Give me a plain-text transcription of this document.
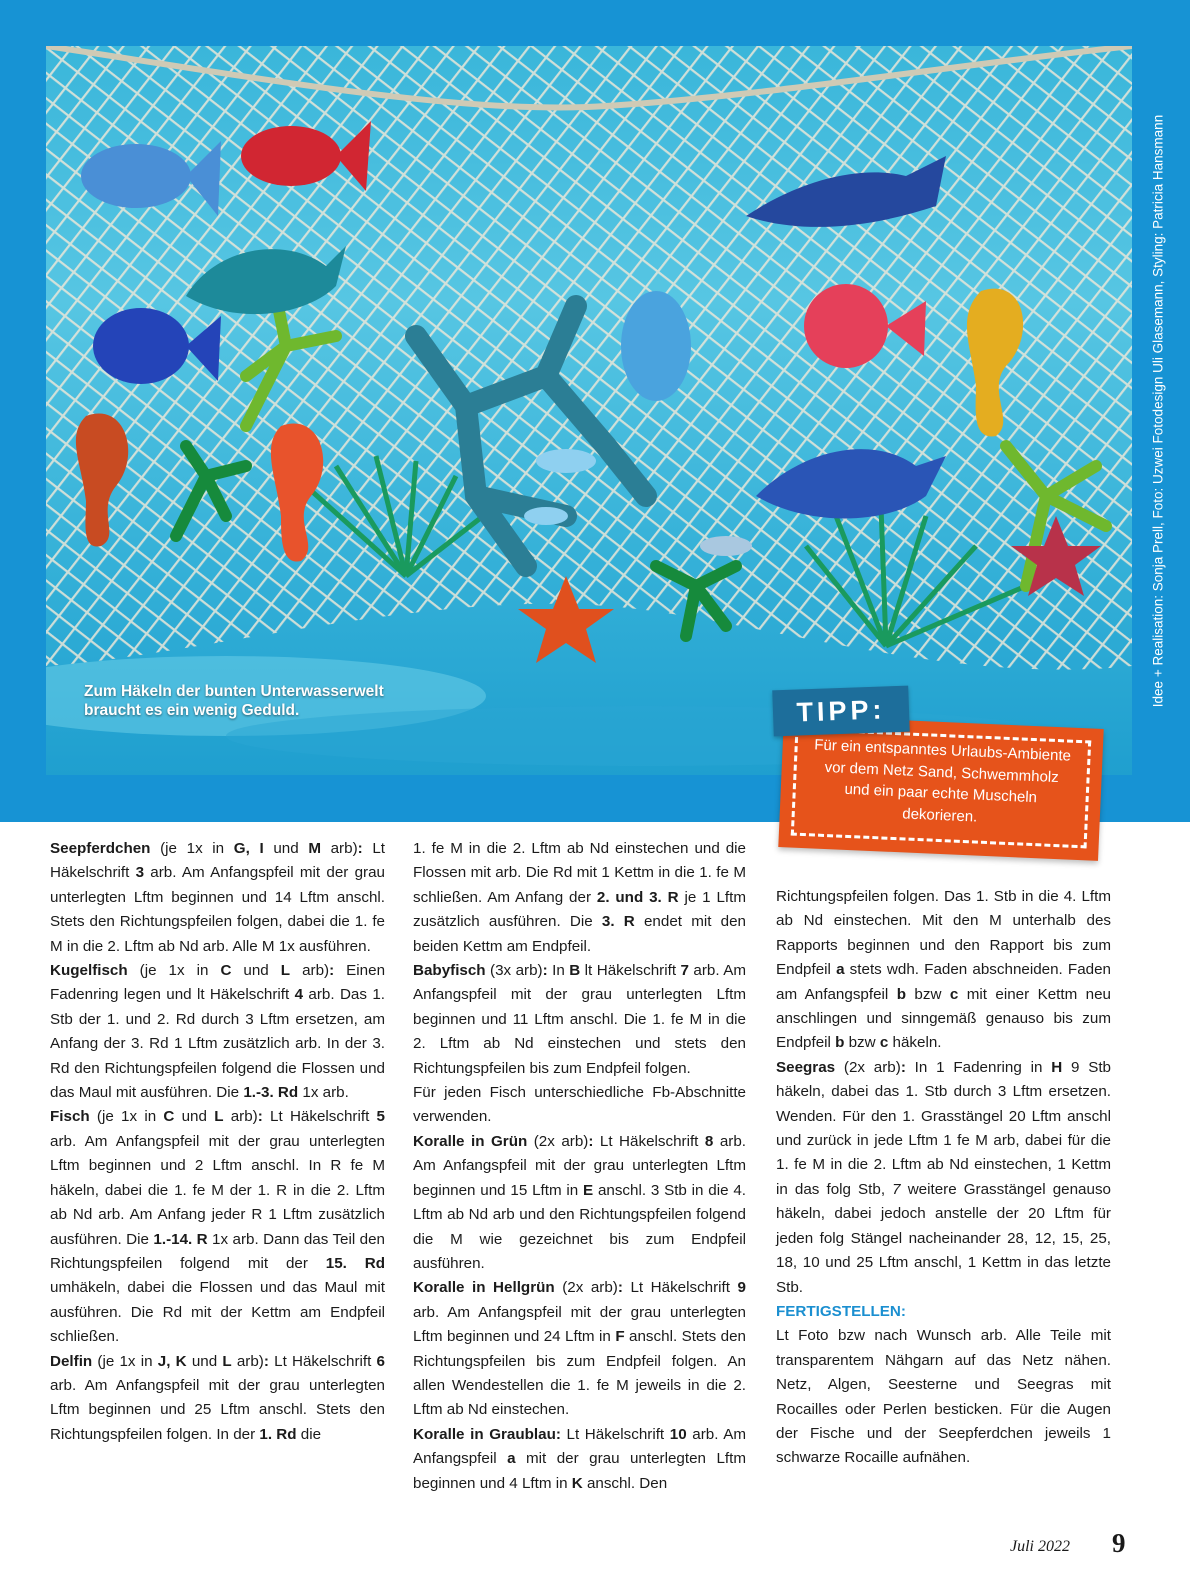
Zum Häkeln der bunten Unterwasserwelt
braucht es ein wenig Geduld.
Idee + Realisation: Sonja Prell, Foto: Uzwei Fotodesign Uli Glasemann, Styling: Patricia Hansmann
TIPP:
Für ein entspanntes Urlaubs-Ambiente vor dem Netz Sand, Schwemmholz und ein paar echte Muscheln dekorieren.

Seepferdchen (je 1x in G, I und M arb): Lt Häkelschrift 3 arb. Am Anfangspfeil mit der grau unterlegten Lftm beginnen und 14 Lftm anschl. Stets den Richtungspfeilen folgen, dabei die 1. fe M in die 2. Lftm ab Nd arb. Alle M 1x ausführen.

Kugelfisch (je 1x in C und L arb): Einen Fadenring legen und lt Häkelschrift 4 arb. Das 1. Stb der 1. und 2. Rd durch 3 Lftm ersetzen, am Anfang der 3. Rd 1 Lftm zusätzlich arb. In der 3. Rd den Richtungspfeilen folgend die Flossen und das Maul mit ausführen. Die 1.-3. Rd 1x arb.

Fisch (je 1x in C und L arb): Lt Häkelschrift 5 arb. Am Anfangspfeil mit der grau unterlegten Lftm beginnen und 2 Lftm anschl. In R fe M häkeln, dabei die 1. fe M der 1. R in die 2. Lftm ab Nd arb. Am Anfang jeder R 1 Lftm zusätzlich ausführen. Die 1.-14. R 1x arb. Dann das Teil den Richtungspfeilen folgend mit der 15. Rd umhäkeln, dabei die Flossen und das Maul mit ausführen. Die Rd mit der Kettm am Endpfeil schließen.

Delfin (je 1x in J, K und L arb): Lt Häkelschrift 6 arb. Am Anfangspfeil mit der grau unterlegten Lftm beginnen und 25 Lftm anschl. Stets den Richtungspfeilen folgen. In der 1. Rd die

1. fe M in die 2. Lftm ab Nd einstechen und die Flossen mit arb. Die Rd mit 1 Kettm in die 1. fe M schließen. Am Anfang der 2. und 3. R je 1 Lftm zusätzlich ausführen. Die 3. R endet mit den beiden Kettm am Endpfeil.

Babyfisch (3x arb): In B lt Häkelschrift 7 arb. Am Anfangspfeil mit der grau unterlegten Lftm beginnen und 11 Lftm anschl. Die 1. fe M in die 2. Lftm ab Nd einstechen und stets den Richtungspfeilen bis zum Endpfeil folgen.

Für jeden Fisch unterschiedliche Fb-Abschnitte verwenden.

Koralle in Grün (2x arb): Lt Häkelschrift 8 arb. Am Anfangspfeil mit der grau unterlegten Lftm beginnen und 15 Lftm in E anschl. 3 Stb in die 4. Lftm ab Nd arb und den Richtungspfeilen folgend die M wie gezeichnet bis zum Endpfeil ausführen.

Koralle in Hellgrün (2x arb): Lt Häkelschrift 9 arb. Am Anfangspfeil mit der grau unterlegten Lftm beginnen und 24 Lftm in F anschl. Stets den Richtungspfeilen bis zum Endpfeil folgen. An allen Wendestellen die 1. fe M jeweils in die 2. Lftm ab Nd einstechen.

Koralle in Graublau: Lt Häkelschrift 10 arb. Am Anfangspfeil a mit der grau unterlegten Lftm beginnen und 4 Lftm in K anschl. Den

Richtungspfeilen folgen. Das 1. Stb in die 4. Lftm ab Nd einstechen. Mit den M unterhalb des Rapports beginnen und den Rapport bis zum Endpfeil a stets wdh. Faden abschneiden. Faden am Anfangspfeil b bzw c mit einer Kettm neu anschlingen und sinngemäß genauso bis zum Endpfeil b bzw c häkeln.

Seegras (2x arb): In 1 Fadenring in H 9 Stb häkeln, dabei das 1. Stb durch 3 Lftm ersetzen. Wenden. Für den 1. Grasstängel 20 Lftm anschl und zurück in jede Lftm 1 fe M arb, dabei für die 1. fe M in die 2. Lftm ab Nd einstechen, 1 Kettm in das folg Stb, 7 weitere Grasstängel genauso häkeln, dabei jedoch anstelle der 20 Lftm für jeden folg Stängel nacheinander 28, 12, 15, 25, 18, 10 und 25 Lftm anschl, 1 Kettm in das letzte Stb.

FERTIGSTELLEN:

Lt Foto bzw nach Wunsch arb. Alle Teile mit transparentem Nähgarn auf das Netz nähen. Netz, Algen, Seesterne und Seegras mit Rocailles oder Perlen besticken. Für die Augen der Fische und der Seepferdchen jeweils 1 schwarze Rocaille aufnähen.

Juli 2022 9
